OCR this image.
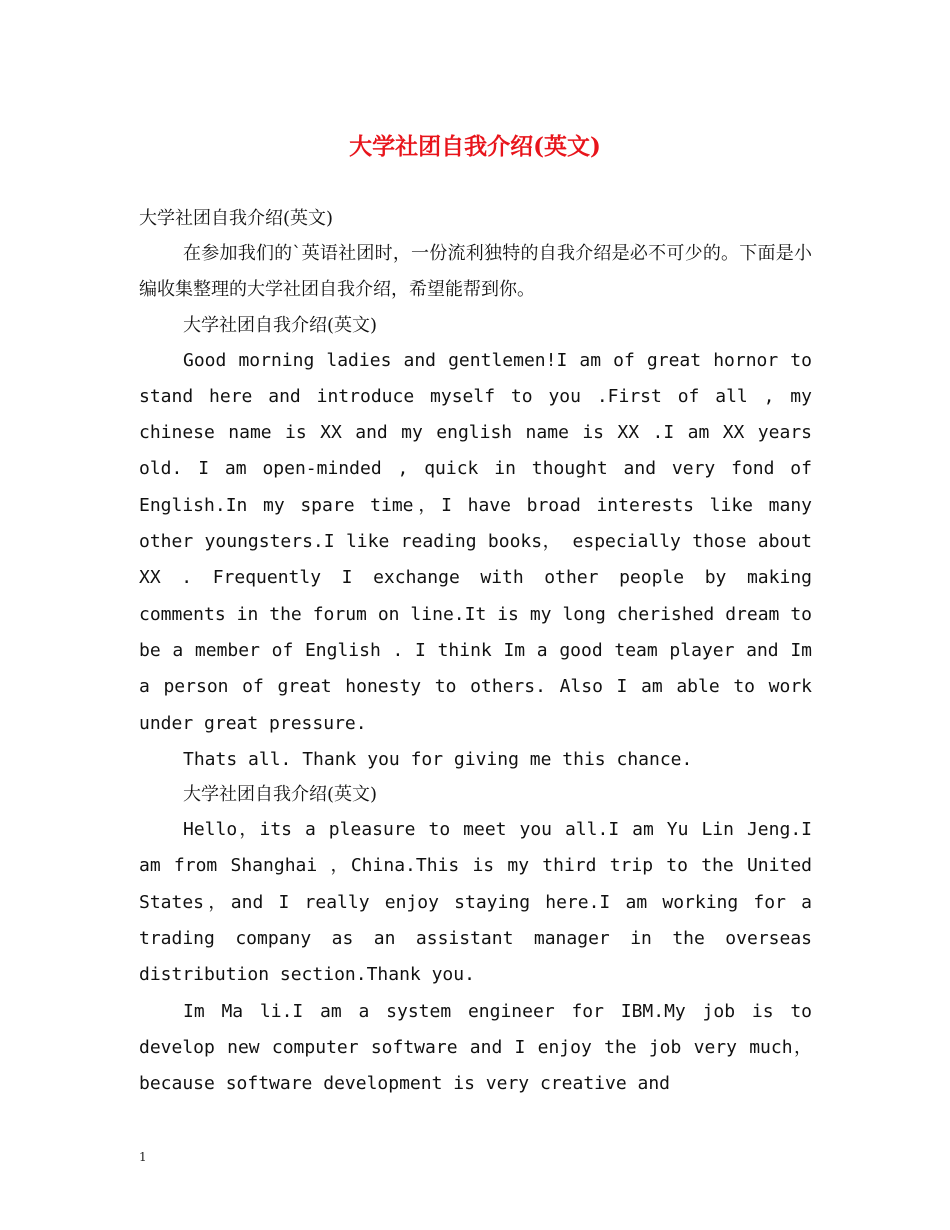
大学社团自我介绍(英文)

大学社团自我介绍(英文)

在参加我们的`英语社团时，一份流利独特的自我介绍是必不可少的。下面是小编收集整理的大学社团自我介绍，希望能帮到你。

大学社团自我介绍(英文)

Good morning ladies and gentlemen!I am of great hornor to stand here and introduce myself to you .First of all , my chinese name is XX and my english name is XX .I am XX years old. I am open-minded , quick in thought and very fond of English.In my spare time，I have broad interests like many other youngsters.I like reading books， especially those about XX . Frequently I exchange with other people by making comments in the forum on line.It is my long cherished dream to be a member of English . I think Im a good team player and Im a person of great honesty to others. Also I am able to work under great pressure.

Thats all. Thank you for giving me this chance.

大学社团自我介绍(英文)

Hello，its a pleasure to meet you all.I am Yu Lin Jeng.I am from Shanghai ，China.This is my third trip to the United States，and I really enjoy staying here.I am working for a trading company as an assistant manager in the overseas distribution section.Thank you.

Im Ma li.I am a system engineer for IBM.My job is to develop new computer software and I enjoy the job very much，because software development is very creative and

1
